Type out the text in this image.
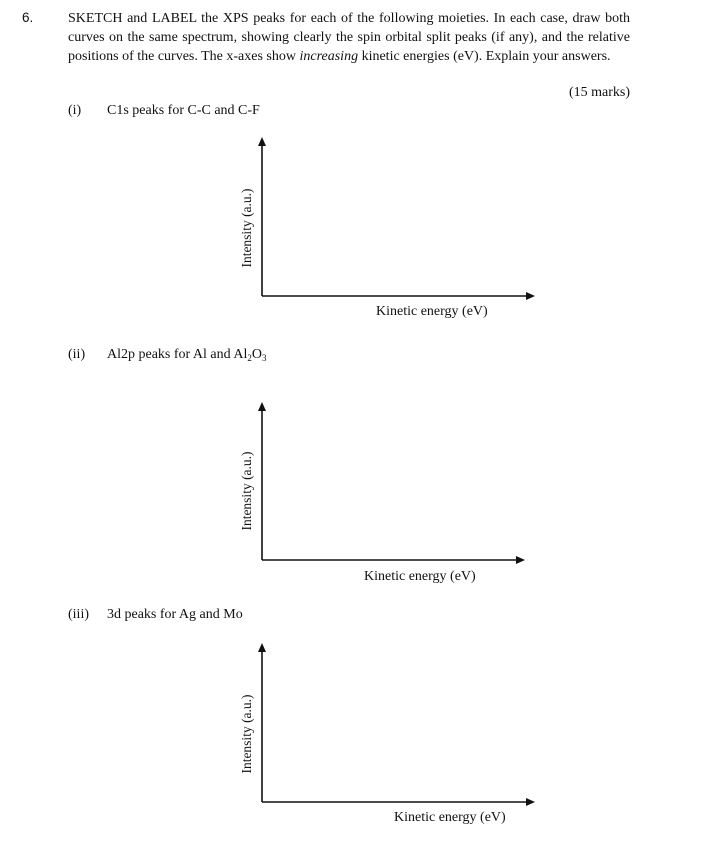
6. SKETCH and LABEL the XPS peaks for each of the following moieties. In each case, draw both curves on the same spectrum, showing clearly the spin orbital split peaks (if any), and the relative positions of the curves. The x-axes show increasing kinetic energies (eV). Explain your answers.
(15 marks)
(i) C1s peaks for C-C and C-F
(ii) Al2p peaks for Al and $Al_2O_3$
(iii) 3d peaks for Ag and Mo
Intensity (a.u.)
Kinetic energy (eV)
Intensity (a.u.)
Kinetic energy (eV)
Intensity (a.u.)
Kinetic energy (eV)
